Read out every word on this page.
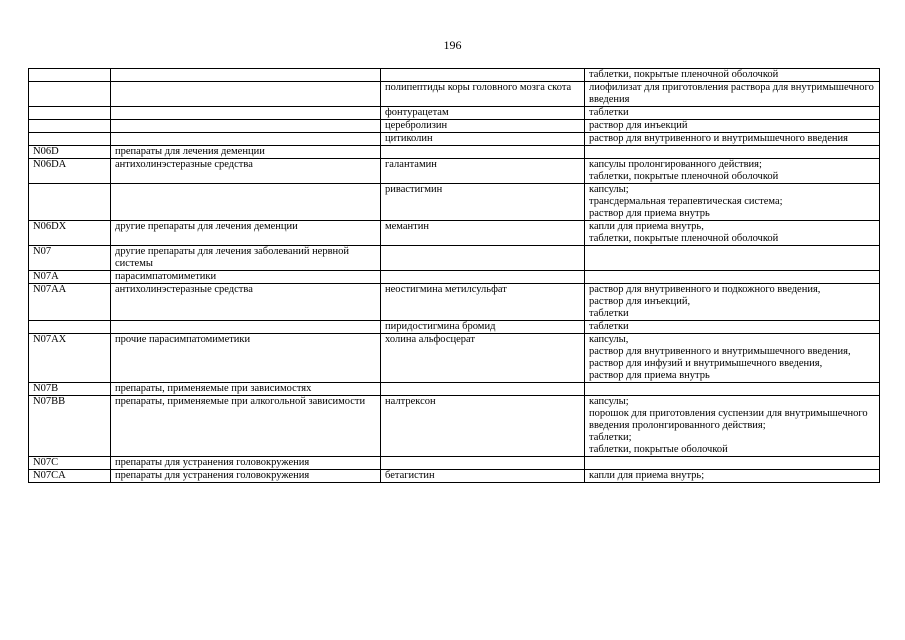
196
			таблетки, покрытые пленочной оболочкой
		полипептиды коры головного мозга скота	лиофилизат для приготовления раствора для внутримышечного введения
		фонтурацетам	таблетки
		церебролизин	раствор для инъекций
		цитиколин	раствор для внутривенного и внутримышечного введения
N06D	препараты для лечения деменции		
N06DA	антихолинэстеразные средства	галантамин	капсулы пролонгированного действия;
таблетки, покрытые пленочной оболочкой
		ривастигмин	капсулы;
трансдермальная терапевтическая система;
раствор для приема внутрь
N06DX	другие препараты для лечения деменции	мемантин	капли для приема внутрь,
таблетки, покрытые пленочной оболочкой
N07	другие препараты для лечения заболеваний нервной системы		
N07A	парасимпатомиметики		
N07AA	антихолинэстеразные средства	неостигмина метилсульфат	раствор для внутривенного и подкожного введения,
раствор для инъекций,
таблетки
		пиридостигмина бромид	таблетки
N07AX	прочие парасимпатомиметики	холина альфосцерат	капсулы,
раствор для внутривенного и внутримышечного введения,
раствор для инфузий и внутримышечного введения,
раствор для приема внутрь
N07B	препараты, применяемые при зависимостях		
N07BB	препараты, применяемые при алкогольной зависимости	налтрексон	капсулы;
порошок для приготовления суспензии для внутримышечного введения пролонгированного действия;
таблетки;
таблетки, покрытые оболочкой
N07C	препараты для устранения головокружения		
N07CA	препараты для устранения головокружения	бетагистин	капли для приема внутрь;
